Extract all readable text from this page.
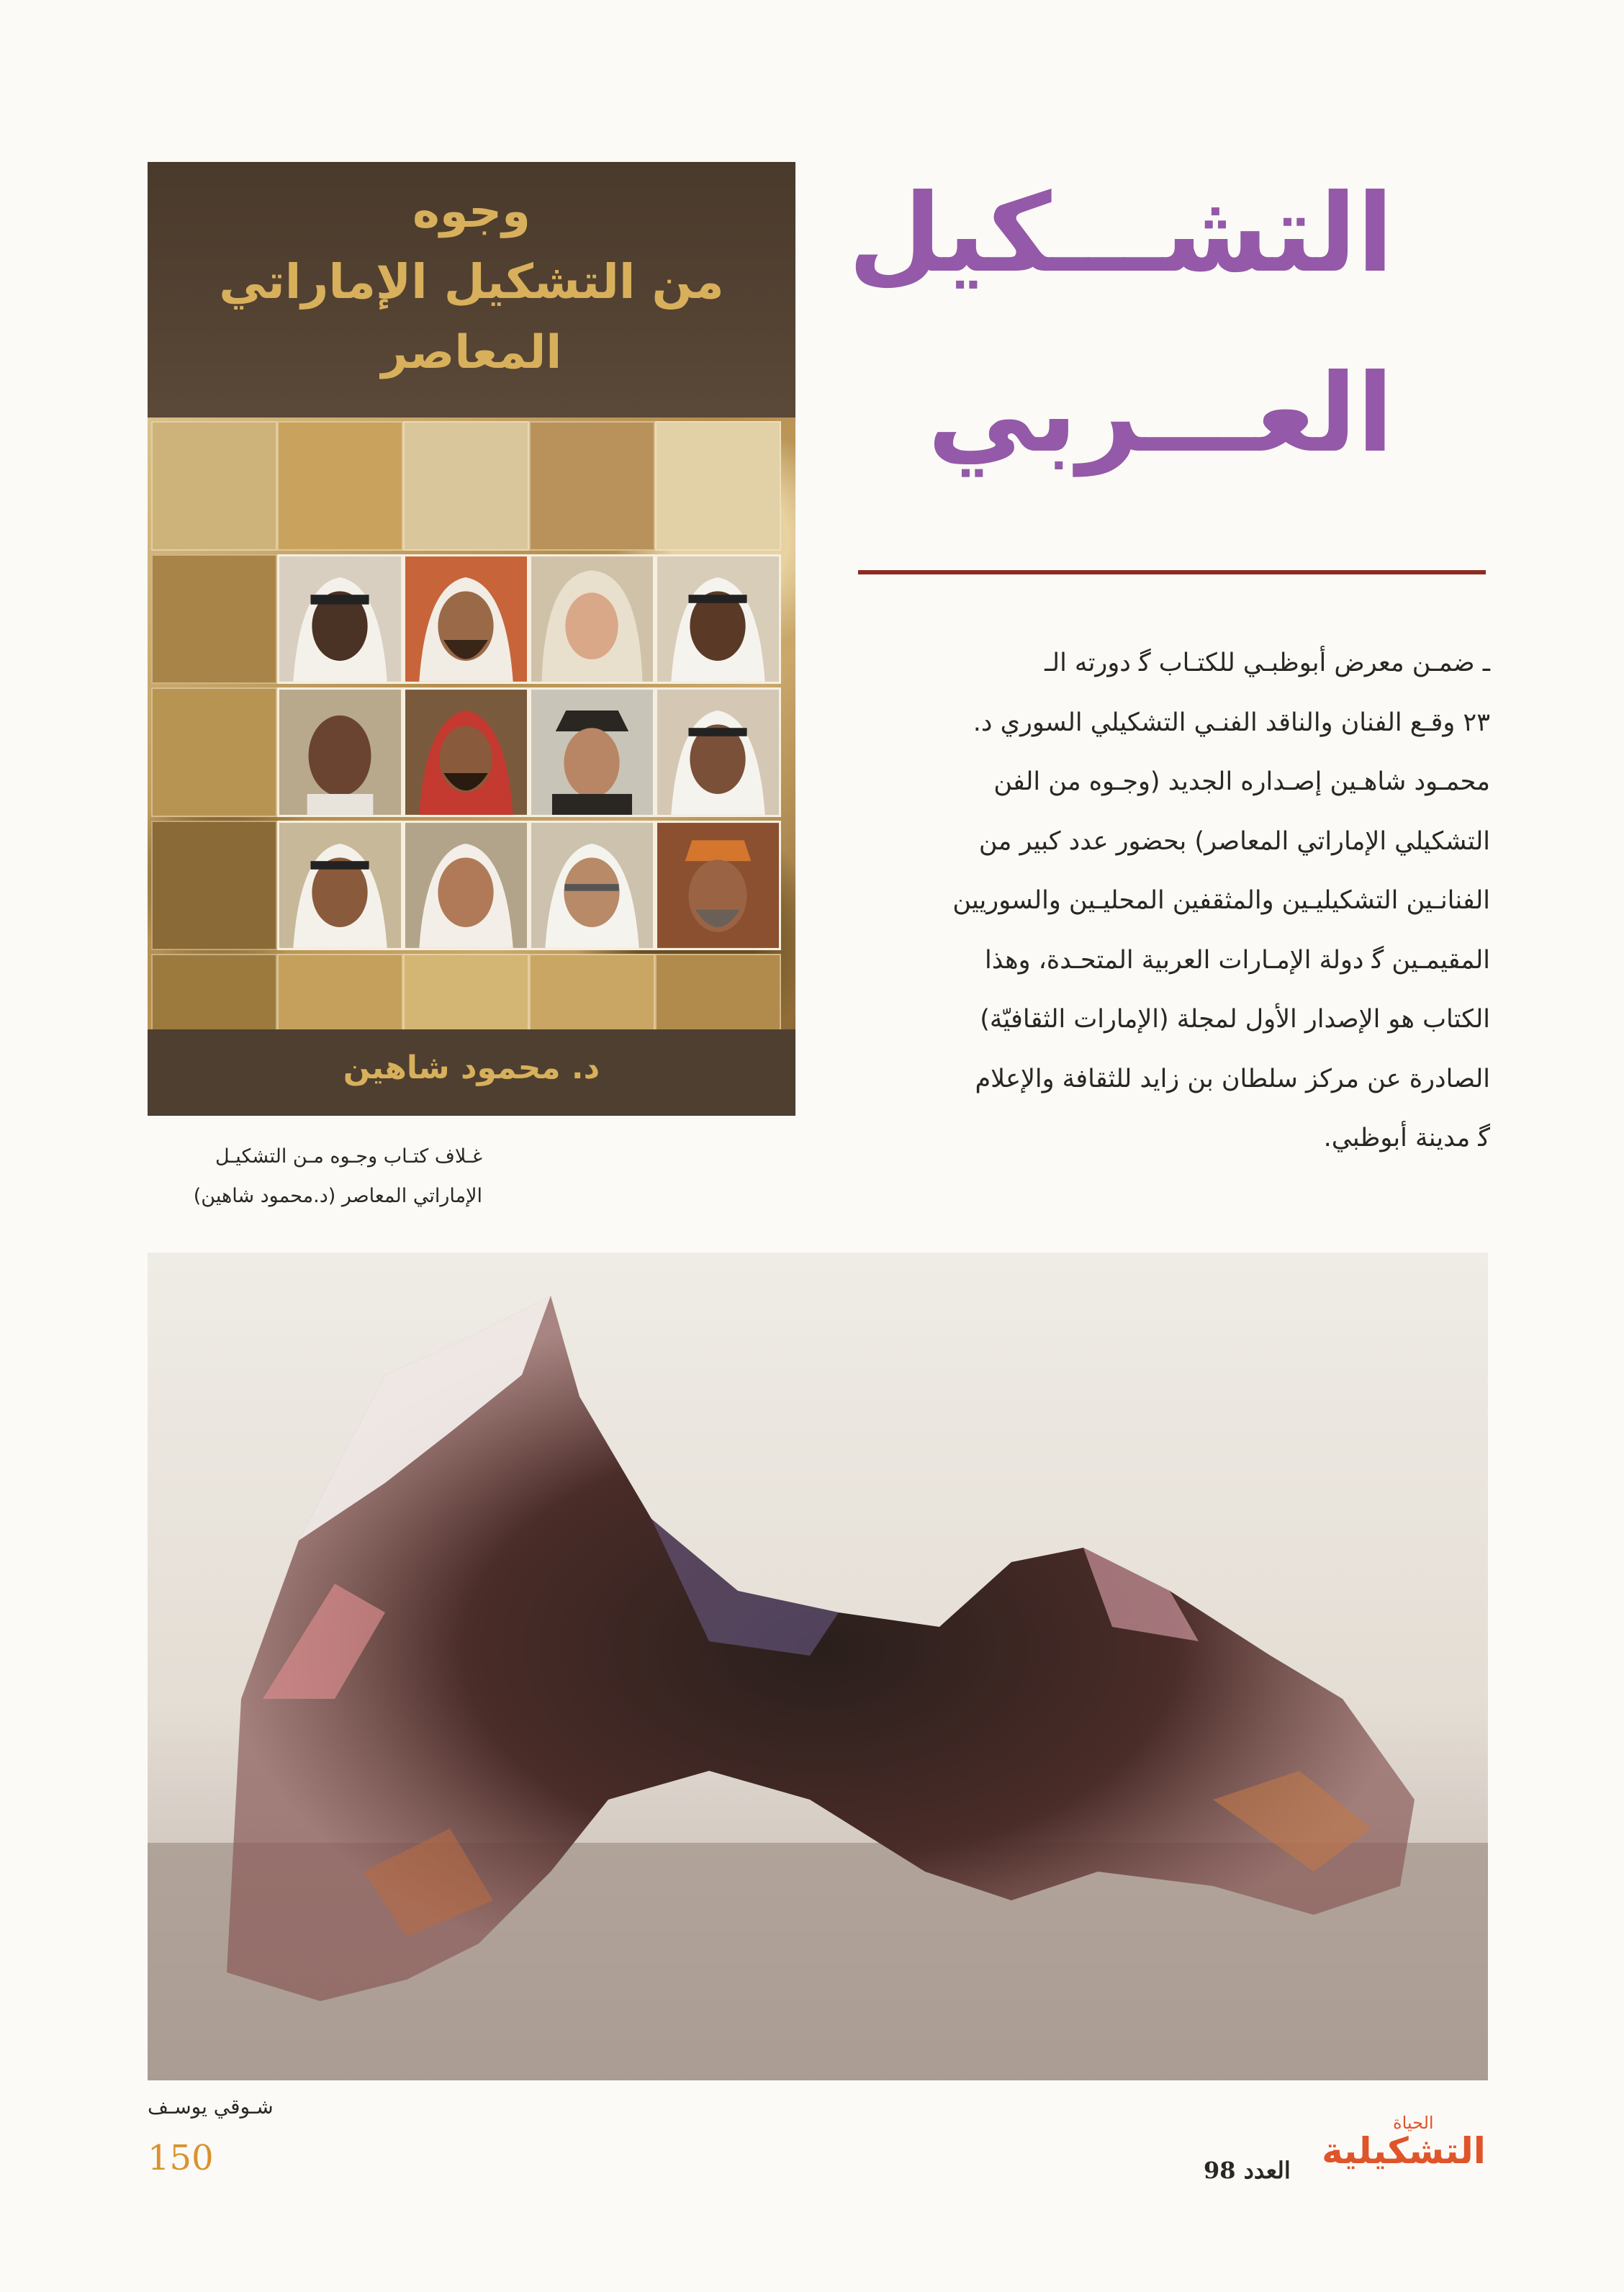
التشـــكيل
العـــربي
ـ ضمـن معرض أبوظبـي للكتـاب ﮔ دورته الـ
٢٣ وقـع الفنان والناقد الفنـي التشكيلي السوري د.
محمـود شاهـين إصـداره الجديد (وجـوه من الفن
التشكيلي الإماراتي المعاصر) بحضور عدد كبير من
الفنانـين التشكيليـين والمثقفين المحليـين والسوريين
المقيمـين ﮔ دولة الإمـارات العربية المتحـدة، وهذا
الكتاب هو الإصدار الأول لمجلة (الإمارات الثقافيّة)
الصادرة عن مركز سلطان بن زايد للثقافة والإعلام
ﮔ مدينة أبوظبي.
وجوه
من التشكيل الإماراتي
المعاصر
د. محمود شاهين
غـلاف كتـاب وجـوه مـن التشكيـل
الإماراتي المعاصر (د.محمود شاهين)
شـوقي يوسـف
150	العدد 98
الحياة
التشكيلية
